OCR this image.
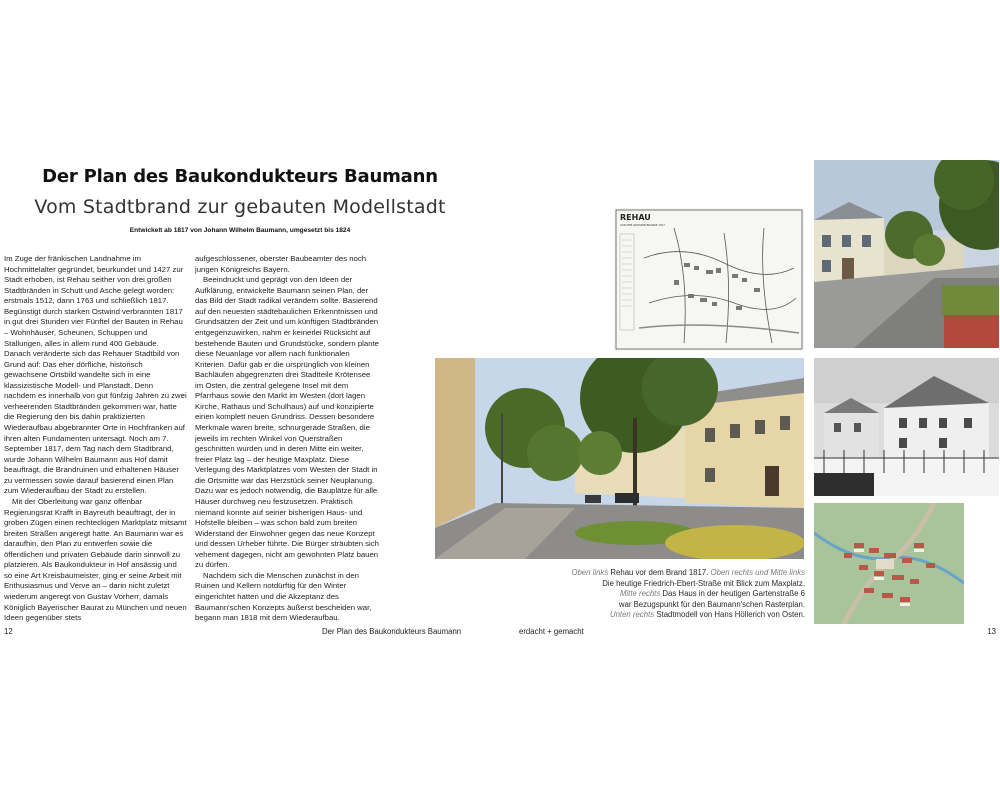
Der Plan des Baukondukteurs Baumann
Vom Stadtbrand zur gebauten Modellstadt
Entwickelt ab 1817 von Johann Wilhelm Baumann, umgesetzt bis 1824

Im Zuge der fränkischen Landnahme im Hochmittelalter gegründet, beurkundet und 1427 zur Stadt erhoben, ist Rehau seither von drei großen Stadtbränden in Schutt und Asche gelegt worden: erstmals 1512, dann 1763 und schließlich 1817. Begünstigt durch starken Ostwind verbrannten 1817 in gut drei Stunden vier Fünftel der Bauten in Rehau – Wohnhäuser, Scheunen, Schuppen und Stallungen, alles in allem rund 400 Gebäude. Danach veränderte sich das Rehauer Stadtbild von Grund auf: Das eher dörfliche, historisch gewachsene Ortsbild wandelte sich in eine klassizistische Modell- und Planstadt. Denn nachdem es innerhalb von gut fünfzig Jahren zu zwei verheerenden Stadtbränden gekommen war, hatte die Regierung den bis dahin praktizierten Wiederaufbau abgebrannter Orte in Hochfranken auf ihren alten Fundamenten untersagt. Noch am 7. September 1817, dem Tag nach dem Stadtbrand, wurde Johann Wilhelm Baumann aus Hof damit beauftragt, die Brandruinen und erhaltenen Häuser zu vermessen sowie darauf basierend einen Plan zum Wiederaufbau der Stadt zu erstellen.

Mit der Oberleitung war ganz offenbar Regierungsrat Krafft in Bayreuth beauftragt, der in groben Zügen einen rechteckigen Marktplatz mitsamt breiten Straßen angeregt hatte. An Baumann war es daraufhin, den Plan zu entwerfen sowie die öffentlichen und privaten Gebäude darin sinnvoll zu platzieren. Als Baukondukteur in Hof ansässig und so eine Art Kreisbaumeister, ging er seine Arbeit mit Enthusiasmus und Verve an – darin nicht zuletzt wiederum angeregt von Gustav Vorherr, damals Königlich Bayerischer Baurat zu München und neuen Ideen gegenüber stets

aufgeschlossener, oberster Baubeamter des noch jungen Königreichs Bayern.

Beeindruckt und geprägt von den Ideen der Aufklärung, entwickelte Baumann seinen Plan, der das Bild der Stadt radikal verändern sollte. Basierend auf den neuesten städtebaulichen Erkenntnissen und Grundsätzen der Zeit und um künftigen Stadtbränden entgegenzuwirken, nahm er keinerlei Rücksicht auf bestehende Bauten und Grundstücke, sondern plante diese Neuanlage vor allem nach funktionalen Kriterien. Dafür gab er die ursprünglich von kleinen Bachläufen abgegrenzten drei Stadtteile Krötensee im Osten, die zentral gelegene Insel mit dem Pfarrhaus sowie den Markt im Westen (dort lagen Kirche, Rathaus und Schulhaus) auf und konzipierte einen komplett neuen Grundriss. Dessen besondere Merkmale waren breite, schnurgerade Straßen, die jeweils im rechten Winkel von Querstraßen geschnitten wurden und in deren Mitte ein weiter, freier Platz lag – der heutige Maxplatz. Diese Verlegung des Marktplatzes vom Westen der Stadt in die Ortsmitte war das Herzstück seiner Neuplanung. Dazu war es jedoch notwendig, die Bauplätze für alle Häuser durchweg neu festzusetzen. Praktisch niemand konnte auf seiner bisherigen Haus- und Hofstelle bleiben – was schon bald zum breiten Widerstand der Einwohner gegen das neue Konzept und dessen Urheber führte. Die Bürger sträubten sich vehement dagegen, nicht am gewohnten Platz bauen zu dürfen.

Nachdem sich die Menschen zunächst in den Ruinen und Kellern notdürftig für den Winter eingerichtet hatten und die Akzeptanz des Baumann'schen Konzepts äußerst bescheiden war, begann man 1818 mit dem Wiederaufbau.

REHAU
VOR DEM GROSSEN BRANDE 1817
Oben links Rehau vor dem Brand 1817. Oben rechts und Mitte links
Die heutige Friedrich-Ebert-Straße mit Blick zum Maxplatz.
Mitte rechts Das Haus in der heutigen Gartenstraße 6
war Bezugspunkt für den Baumann'schen Rasterplan.
Unten rechts Stadtmodell von Hans Höllerich von Osten.
12	Der Plan des Baukondukteurs Baumann	erdacht + gemacht	13
